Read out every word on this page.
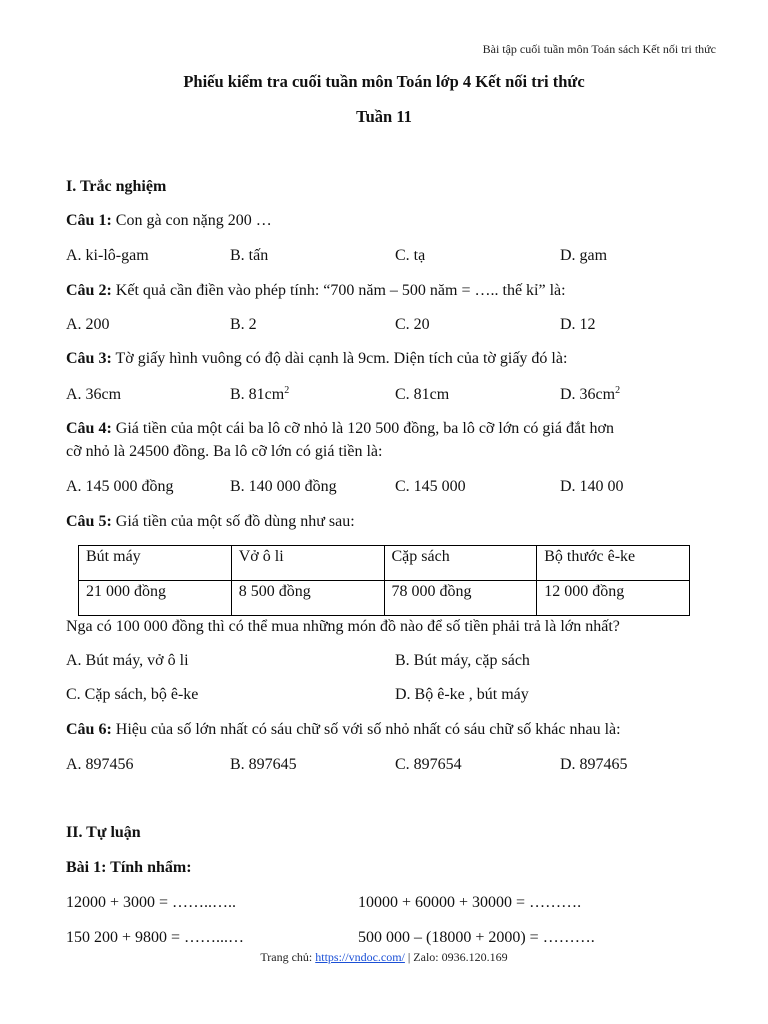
Bài tập cuối tuần môn Toán sách Kết nối tri thức
Phiếu kiểm tra cuối tuần môn Toán lớp 4 Kết nối tri thức
Tuần 11
I. Trắc nghiệm
Câu 1: Con gà con nặng 200 …
A. ki-lô-gam	B. tấn	C. tạ	D. gam
Câu 2: Kết quả cần điền vào phép tính: “700 năm – 500 năm = ….. thế kỉ” là:
A. 200	B. 2	C. 20	D. 12
Câu 3: Tờ giấy hình vuông có độ dài cạnh là 9cm. Diện tích của tờ giấy đó là:
A. 36cm	B. $81cm^2$	C. 81cm	D. $36cm^2$
Câu 4: Giá tiền của một cái ba lô cỡ nhỏ là 120 500 đồng, ba lô cỡ lớn có giá đắt hơn
cỡ nhỏ là 24500 đồng. Ba lô cỡ lớn có giá tiền là:
A. 145 000 đồng	B. 140 000 đồng	C. 145 000	D. 140 00
Câu 5: Giá tiền của một số đồ dùng như sau:
Bút máy	Vở ô li	Cặp sách	Bộ thước ê-ke
21 000 đồng	8 500 đồng	78 000 đồng	12 000 đồng
Nga có 100 000 đồng thì có thể mua những món đồ nào để số tiền phải trả là lớn nhất?
A. Bút máy, vở ô li	B. Bút máy, cặp sách
C. Cặp sách, bộ ê-ke	D. Bộ ê-ke , bút máy
Câu 6: Hiệu của số lớn nhất có sáu chữ số với số nhỏ nhất có sáu chữ số khác nhau là:
A. 897456	B. 897645	C. 897654	D. 897465
II. Tự luận
Bài 1: Tính nhẩm:
12000 + 3000 = ……..…..	10000 + 60000 + 30000 = ……….
150 200 + 9800 = ……...…	500 000 – (18000 + 2000) = ……….
Trang chủ: https://vndoc.com/ | Zalo: 0936.120.169
